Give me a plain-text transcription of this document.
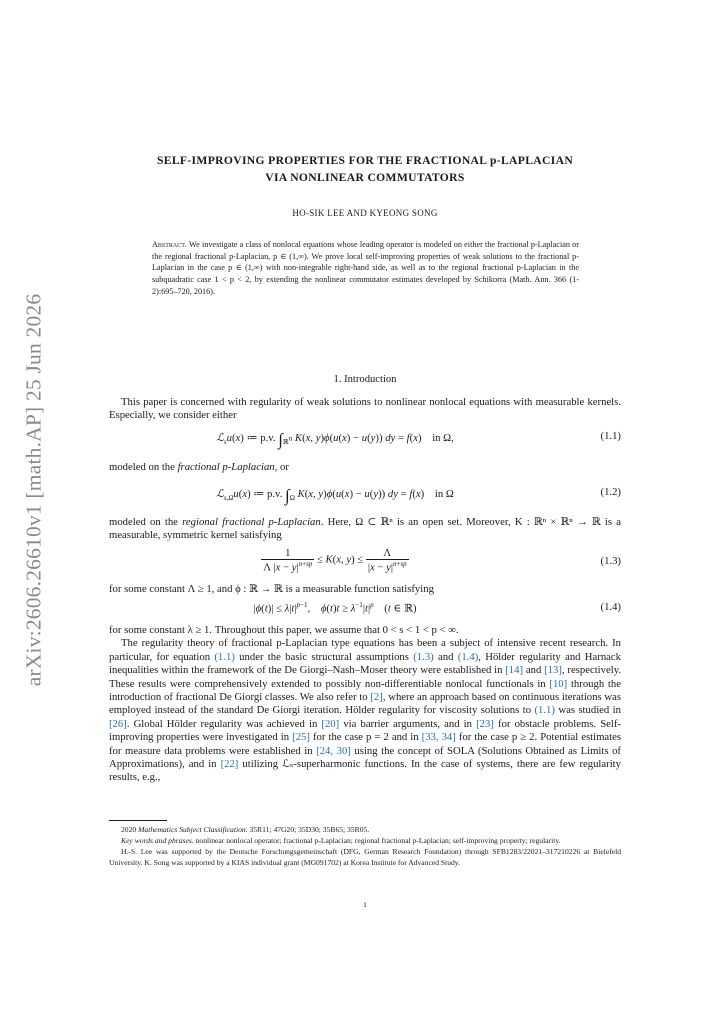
arXiv:2606.26610v1 [math.AP] 25 Jun 2026
SELF-IMPROVING PROPERTIES FOR THE FRACTIONAL p-LAPLACIAN
VIA NONLINEAR COMMUTATORS
HO-SIK LEE AND KYEONG SONG
Abstract. We investigate a class of nonlocal equations whose leading operator is modeled on either the fractional p-Laplacian or the regional fractional p-Laplacian, p ∈ (1,∞). We prove local self-improving properties of weak solutions to the fractional p-Laplacian in the case p ∈ (1,∞) with non-integrable right-hand side, as well as to the regional fractional p-Laplacian in the subquadratic case 1 < p < 2, by extending the nonlinear commutator estimates developed by Schikorra (Math. Ann. 366 (1-2):695–720, 2016).
1. Introduction

This paper is concerned with regularity of weak solutions to nonlinear nonlocal equations with measurable kernels. Especially, we consider either

ℒ$_s$u(x) ≔ p.v. $\int_{ℝ^n}$ K(x, y)ϕ(u(x) − u(y)) dy = f(x)    in Ω,	(1.1)
modeled on the fractional p-Laplacian, or
ℒ$_{s,\Omega}$u(x) ≔ p.v. $\int_\Omega$ K(x, y)ϕ(u(x) − u(y)) dy = f(x)    in Ω	(1.2)

modeled on the regional fractional p-Laplacian. Here, Ω ⊂ ℝⁿ is an open set. Moreover, K : ℝⁿ × ℝⁿ → ℝ is a measurable, symmetric kernel satisfying

$\frac{1}{\Lambda |x - y|^{n+sp}} \le K(x$, $y) \le \frac{\Lambda}{|x - y|^{n+sp}}$	(1.3)

for some constant Λ ≥ 1, and ϕ : ℝ → ℝ is a measurable function satisfying

$|\phi(t)| \le \lambda|t|^{p-1}$,    $\phi(t)t \ge \lambda^{-1}|t|^p$    (t ∈ ℝ)	(1.4)

for some constant λ ≥ 1. Throughout this paper, we assume that 0 < s < 1 < p < ∞.

The regularity theory of fractional p-Laplacian type equations has been a subject of intensive recent research. In particular, for equation (1.1) under the basic structural assumptions (1.3) and (1.4), Hölder regularity and Harnack inequalities within the framework of the De Giorgi–Nash–Moser theory were established in [14] and [13], respectively. These results were comprehensively extended to possibly non-differentiable nonlocal functionals in [10] through the introduction of fractional De Giorgi classes. We also refer to [2], where an approach based on continuous iterations was employed instead of the standard De Giorgi iteration. Hölder regularity for viscosity solutions to (1.1) was studied in [26]. Global Hölder regularity was achieved in [20] via barrier arguments, and in [23] for obstacle problems. Self-improving properties were investigated in [25] for the case p = 2 and in [33, 34] for the case p ≥ 2. Potential estimates for measure data problems were established in [24, 30] using the concept of SOLA (Solutions Obtained as Limits of Approximations), and in [22] utilizing ℒₛ-superharmonic functions. In the case of systems, there are few regularity results, e.g.,

2020 Mathematics Subject Classification. 35R11; 47G20; 35D30; 35B65; 35R05.

Key words and phrases. nonlinear nonlocal operator; fractional p-Laplacian; regional fractional p-Laplacian; self-improving property; regularity.

H.-S. Lee was supported by the Deutsche Forschungsgemeinschaft (DFG, German Research Foundation) through SFB1283/22021–317210226 at Bielefeld University. K. Song was supported by a KIAS individual grant (MG091702) at Korea Institute for Advanced Study.

1
